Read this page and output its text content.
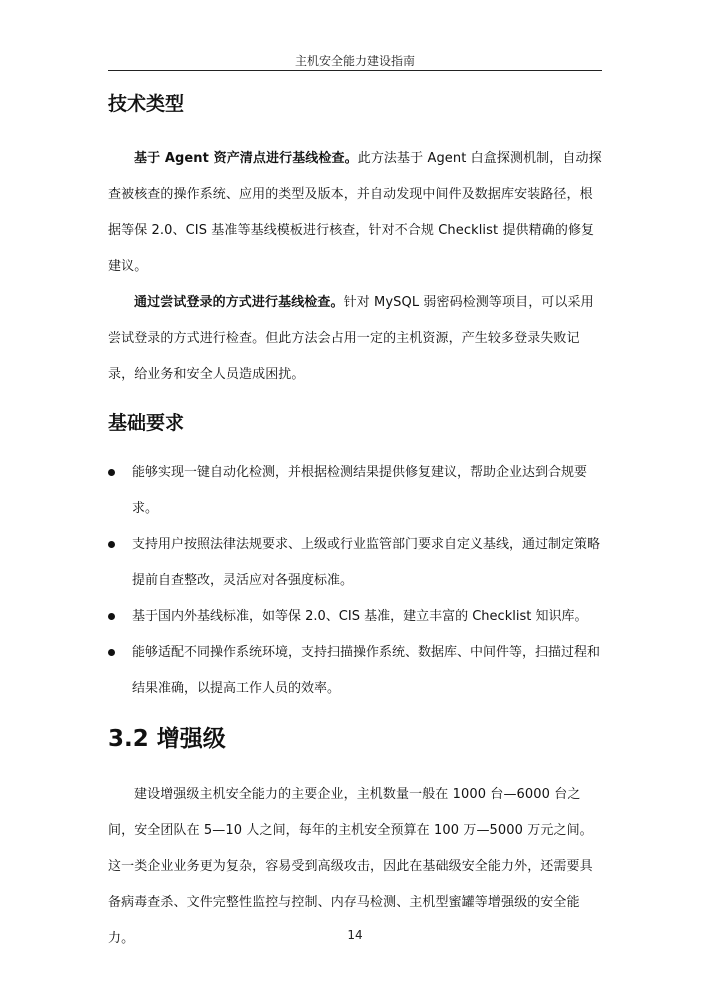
主机安全能力建设指南
技术类型

基于 Agent 资产清点进行基线检查。此方法基于 Agent 白盒探测机制，自动探查被核查的操作系统、应用的类型及版本，并自动发现中间件及数据库安装路径，根据等保 2.0、CIS 基准等基线模板进行核查，针对不合规 Checklist 提供精确的修复建议。

通过尝试登录的方式进行基线检查。针对 MySQL 弱密码检测等项目，可以采用尝试登录的方式进行检查。但此方法会占用一定的主机资源，产生较多登录失败记录，给业务和安全人员造成困扰。

基础要求
能够实现一键自动化检测，并根据检测结果提供修复建议，帮助企业达到合规要求。
支持用户按照法律法规要求、上级或行业监管部门要求自定义基线，通过制定策略提前自查整改，灵活应对各强度标准。
基于国内外基线标准，如等保 2.0、CIS 基准，建立丰富的 Checklist 知识库。
能够适配不同操作系统环境，支持扫描操作系统、数据库、中间件等，扫描过程和结果准确，以提高工作人员的效率。
3.2 增强级

建设增强级主机安全能力的主要企业，主机数量一般在 1000 台—6000 台之间，安全团队在 5—10 人之间，每年的主机安全预算在 100 万—5000 万元之间。这一类企业业务更为复杂，容易受到高级攻击，因此在基础级安全能力外，还需要具备病毒查杀、文件完整性监控与控制、内存马检测、主机型蜜罐等增强级的安全能力。	14
